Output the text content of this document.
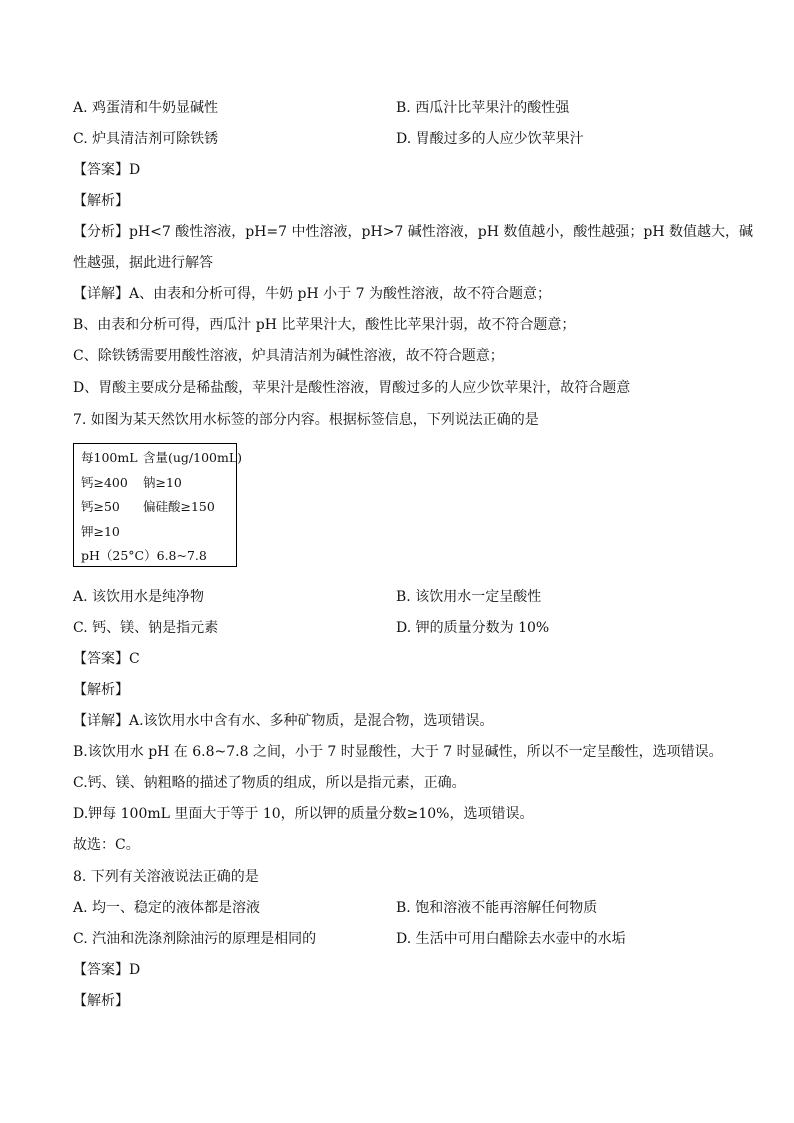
A. 鸡蛋清和牛奶显碱性	B. 西瓜汁比苹果汁的酸性强
C. 炉具清洁剂可除铁锈	D. 胃酸过多的人应少饮苹果汁
【答案】D
【解析】
【分析】pH<7 酸性溶液，pH=7 中性溶液，pH>7 碱性溶液，pH 数值越小，酸性越强；pH 数值越大，碱
性越强，据此进行解答
【详解】A、由表和分析可得，牛奶 pH 小于 7 为酸性溶液，故不符合题意；
B、由表和分析可得，西瓜汁 pH 比苹果汁大，酸性比苹果汁弱，故不符合题意；
C、除铁锈需要用酸性溶液，炉具清洁剂为碱性溶液，故不符合题意；
D、胃酸主要成分是稀盐酸，苹果汁是酸性溶液，胃酸过多的人应少饮苹果汁，故符合题意
7. 如图为某天然饮用水标签的部分内容。根据标签信息，下列说法正确的是
每100mL 含量(ug/100mL)
钙≥400 钠≥10
钙≥50 偏硅酸≥150
钾≥10
pH（25°C）6.8~7.8
A. 该饮用水是纯净物	B. 该饮用水一定呈酸性
C. 钙、镁、钠是指元素	D. 钾的质量分数为 10%
【答案】C
【解析】
【详解】A.该饮用水中含有水、多种矿物质，是混合物，选项错误。
B.该饮用水 pH 在 6.8~7.8 之间，小于 7 时显酸性，大于 7 时显碱性，所以不一定呈酸性，选项错误。
C.钙、镁、钠粗略的描述了物质的组成，所以是指元素，正确。
D.钾每 100mL 里面大于等于 10，所以钾的质量分数≥10%，选项错误。
故选：C。
8. 下列有关溶液说法正确的是
A. 均一、稳定的液体都是溶液	B. 饱和溶液不能再溶解任何物质
C. 汽油和洗涤剂除油污的原理是相同的	D. 生活中可用白醋除去水壶中的水垢
【答案】D
【解析】
